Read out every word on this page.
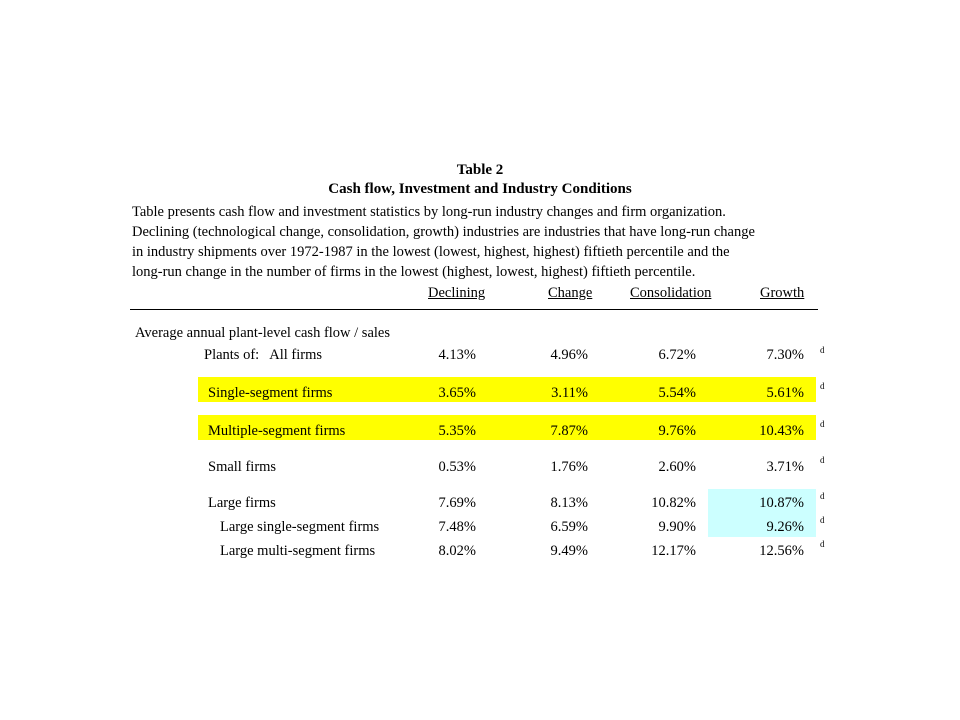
Table 2
Cash flow, Investment and Industry Conditions
Table presents cash flow and investment statistics by long-run industry changes and firm organization.
Declining (technological change, consolidation, growth) industries are industries that have long-run change
in industry shipments over 1972-1987 in the lowest (lowest, highest, highest) fiftieth percentile and the
long-run change in the number of firms in the lowest (highest, lowest, highest) fiftieth percentile.
Declining	Change	Consolidation	Growth
Average annual plant-level cash flow / sales
Plants of:   All firms	4.13%	4.96%	6.72%	7.30% d
Single-segment firms	3.65%	3.11%	5.54%	5.61% d
Multiple-segment firms	5.35%	7.87%	9.76%	10.43% d
Small firms	0.53%	1.76%	2.60%	3.71% d
Large firms	7.69%	8.13%	10.82%	10.87% d
Large single-segment firms	7.48%	6.59%	9.90%	9.26% d
Large multi-segment firms	8.02%	9.49%	12.17%	12.56% d
